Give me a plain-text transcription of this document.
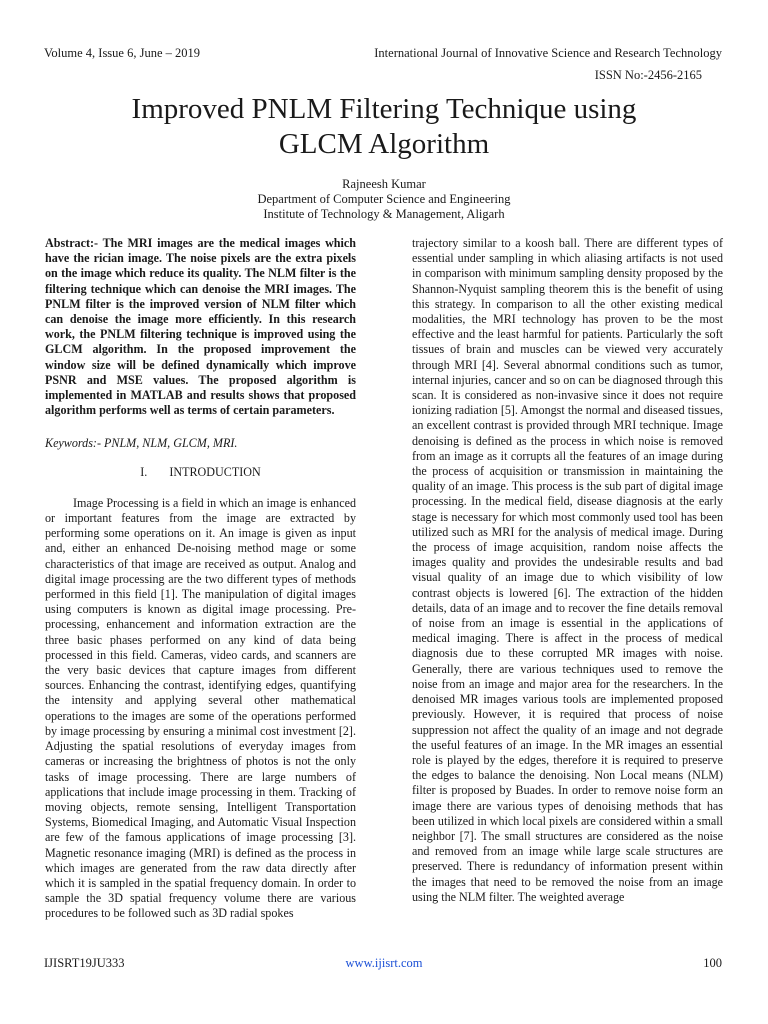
Volume 4, Issue 6, June – 2019	International Journal of Innovative Science and Research Technology
ISSN No:-2456-2165
Improved PNLM Filtering Technique using
GLCM Algorithm
Rajneesh Kumar
Department of Computer Science and Engineering
Institute of Technology & Management, Aligarh

Abstract:- The MRI images are the medical images which have the rician image. The noise pixels are the extra pixels on the image which reduce its quality. The NLM filter is the filtering technique which can denoise the MRI images. The PNLM filter is the improved version of NLM filter which can denoise the image more efficiently. In this research work, the PNLM filtering technique is improved using the GLCM algorithm. In the proposed improvement the window size will be defined dynamically which improve PSNR and MSE values. The proposed algorithm is implemented in MATLAB and results shows that proposed algorithm performs well as terms of certain parameters.

Keywords:- PNLM, NLM, GLCM, MRI.

I. INTRODUCTION

Image Processing is a field in which an image is enhanced or important features from the image are extracted by performing some operations on it. An image is given as input and, either an enhanced De-noising method mage or some characteristics of that image are received as output. Analog and digital image processing are the two different types of methods performed in this field [1]. The manipulation of digital images using computers is known as digital image processing. Pre-processing, enhancement and information extraction are the three basic phases performed on any kind of data being processed in this field. Cameras, video cards, and scanners are the very basic devices that capture images from different sources. Enhancing the contrast, identifying edges, quantifying the intensity and applying several other mathematical operations to the images are some of the operations performed by image processing by ensuring a minimal cost investment [2]. Adjusting the spatial resolutions of everyday images from cameras or increasing the brightness of photos is not the only tasks of image processing. There are large numbers of applications that include image processing in them. Tracking of moving objects, remote sensing, Intelligent Transportation Systems, Biomedical Imaging, and Automatic Visual Inspection are few of the famous applications of image processing [3]. Magnetic resonance imaging (MRI) is defined as the process in which images are generated from the raw data directly after which it is sampled in the spatial frequency domain. In order to sample the 3D spatial frequency volume there are various procedures to be followed such as 3D radial spokes

trajectory similar to a koosh ball. There are different types of essential under sampling in which aliasing artifacts is not used in comparison with minimum sampling density proposed by the Shannon-Nyquist sampling theorem this is the benefit of using this strategy. In comparison to all the other existing medical modalities, the MRI technology has proven to be the most effective and the least harmful for patients. Particularly the soft tissues of brain and muscles can be viewed very accurately through MRI [4]. Several abnormal conditions such as tumor, internal injuries, cancer and so on can be diagnosed through this scan. It is considered as non-invasive since it does not require ionizing radiation [5]. Amongst the normal and diseased tissues, an excellent contrast is provided through MRI technique. Image denoising is defined as the process in which noise is removed from an image as it corrupts all the features of an image during the process of acquisition or transmission in maintaining the quality of an image. This process is the sub part of digital image processing. In the medical field, disease diagnosis at the early stage is necessary for which most commonly used tool has been utilized such as MRI for the analysis of medical image. During the process of image acquisition, random noise affects the images quality and provides the undesirable results and bad visual quality of an image due to which visibility of low contrast objects is lowered [6]. The extraction of the hidden details, data of an image and to recover the fine details removal of noise from an image is essential in the applications of medical imaging. There is affect in the process of medical diagnosis due to these corrupted MR images with noise. Generally, there are various techniques used to remove the noise from an image and major area for the researchers. In the denoised MR images various tools are implemented proposed previously. However, it is required that process of noise suppression not affect the quality of an image and not degrade the useful features of an image. In the MR images an essential role is played by the edges, therefore it is required to preserve the edges to balance the denoising. Non Local means (NLM) filter is proposed by Buades. In order to remove noise form an image there are various types of denoising methods that has been utilized in which local pixels are considered within a small neighbor [7]. The small structures are considered as the noise and removed from an image while large scale structures are preserved. There is redundancy of information present within the images that need to be removed the noise from an image using the NLM filter. The weighted average

IJISRT19JU333	www.ijisrt.com	100
